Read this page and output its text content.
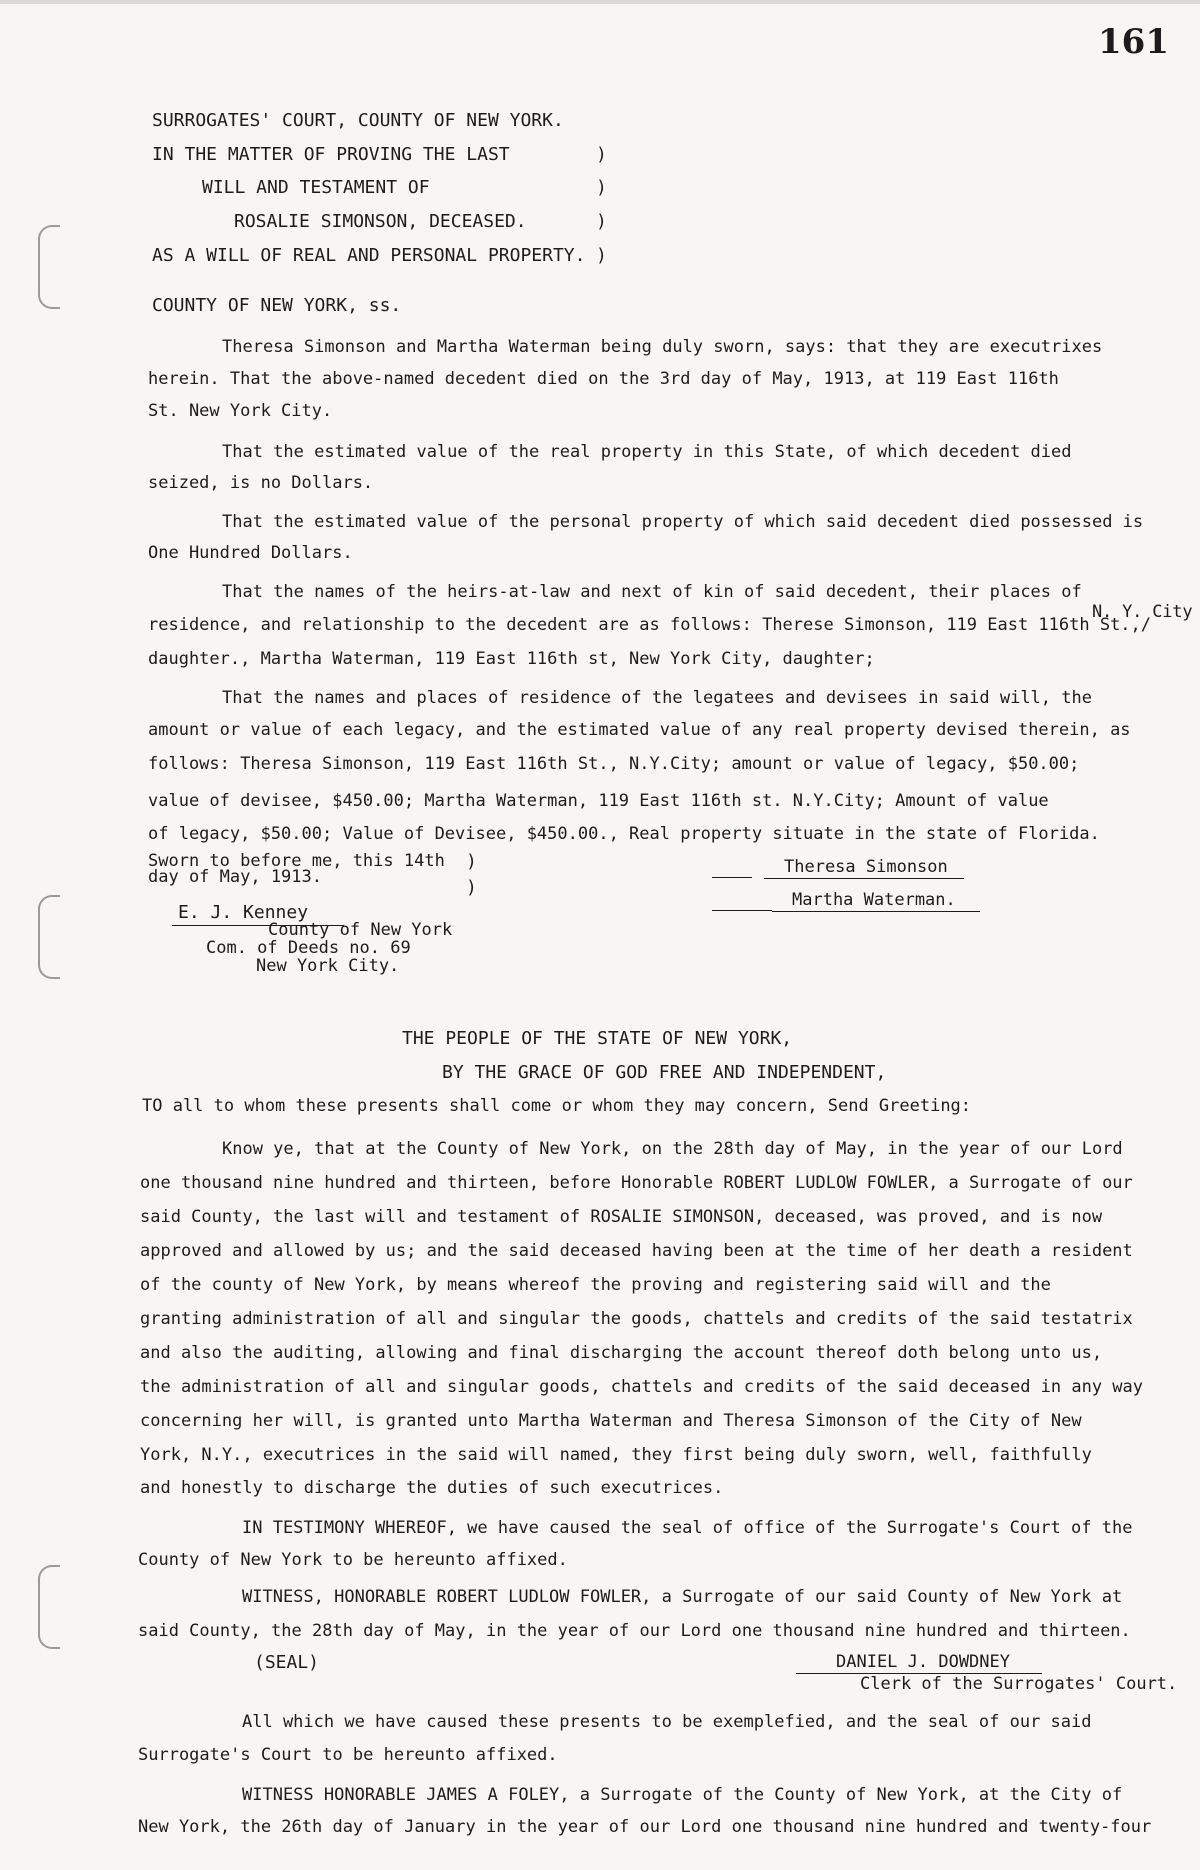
161
SURROGATES' COURT, COUNTY OF NEW YORK.
IN THE MATTER OF PROVING THE LAST
WILL AND TESTAMENT OF
ROSALIE SIMONSON, DECEASED.
AS A WILL OF REAL AND PERSONAL PROPERTY.
)
)
)
)
COUNTY OF NEW YORK, ss.
Theresa Simonson and Martha Waterman being duly sworn, says: that they are executrixes
herein. That the above-named decedent died on the 3rd day of May, 1913, at 119 East 116th
St. New York City.
That the estimated value of the real property in this State, of which decedent died
seized, is no Dollars.
That the estimated value of the personal property of which said decedent died possessed is
One Hundred Dollars.
That the names of the heirs-at-law and next of kin of said decedent, their places of
N. Y. City
residence, and relationship to the decedent are as follows: Therese Simonson, 119 East 116th St.,/
daughter., Martha Waterman, 119 East 116th st, New York City, daughter;
That the names and places of residence of the legatees and devisees in said will, the
amount or value of each legacy, and the estimated value of any real property devised therein, as
follows: Theresa Simonson, 119 East 116th St., N.Y.City; amount or value of legacy, $50.00;
value of devisee, $450.00; Martha Waterman, 119 East 116th st. N.Y.City; Amount of value
of legacy, $50.00; Value of Devisee, $450.00., Real property situate in the state of Florida.
Sworn to before me, this 14th
day of May, 1913.
)
)
Theresa Simonson
Martha Waterman.
E. J. Kenney
County of New York
Com. of Deeds no. 69
New York City.
THE PEOPLE OF THE STATE OF NEW YORK,
BY THE GRACE OF GOD FREE AND INDEPENDENT,
TO all to whom these presents shall come or whom they may concern, Send Greeting:
Know ye, that at the County of New York, on the 28th day of May, in the year of our Lord
one thousand nine hundred and thirteen, before Honorable ROBERT LUDLOW FOWLER, a Surrogate of our
said County, the last will and testament of ROSALIE SIMONSON, deceased, was proved, and is now
approved and allowed by us; and the said deceased having been at the time of her death a resident
of the county of New York, by means whereof the proving and registering said will and the
granting administration of all and singular the goods, chattels and credits of the said testatrix
and also the auditing, allowing and final discharging the account thereof doth belong unto us,
the administration of all and singular goods, chattels and credits of the said deceased in any way
concerning her will, is granted unto Martha Waterman and Theresa Simonson of the City of New
York, N.Y., executrices in the said will named, they first being duly sworn, well, faithfully
and honestly to discharge the duties of such executrices.
IN TESTIMONY WHEREOF, we have caused the seal of office of the Surrogate's Court of the
County of New York to be hereunto affixed.
WITNESS, HONORABLE ROBERT LUDLOW FOWLER, a Surrogate of our said County of New York at
said County, the 28th day of May, in the year of our Lord one thousand nine hundred and thirteen.
(SEAL)	DANIEL J. DOWDNEY
Clerk of the Surrogates' Court.
All which we have caused these presents to be exemplefied, and the seal of our said
Surrogate's Court to be hereunto affixed.
WITNESS HONORABLE JAMES A FOLEY, a Surrogate of the County of New York, at the City of
New York, the 26th day of January in the year of our Lord one thousand nine hundred and twenty-four
